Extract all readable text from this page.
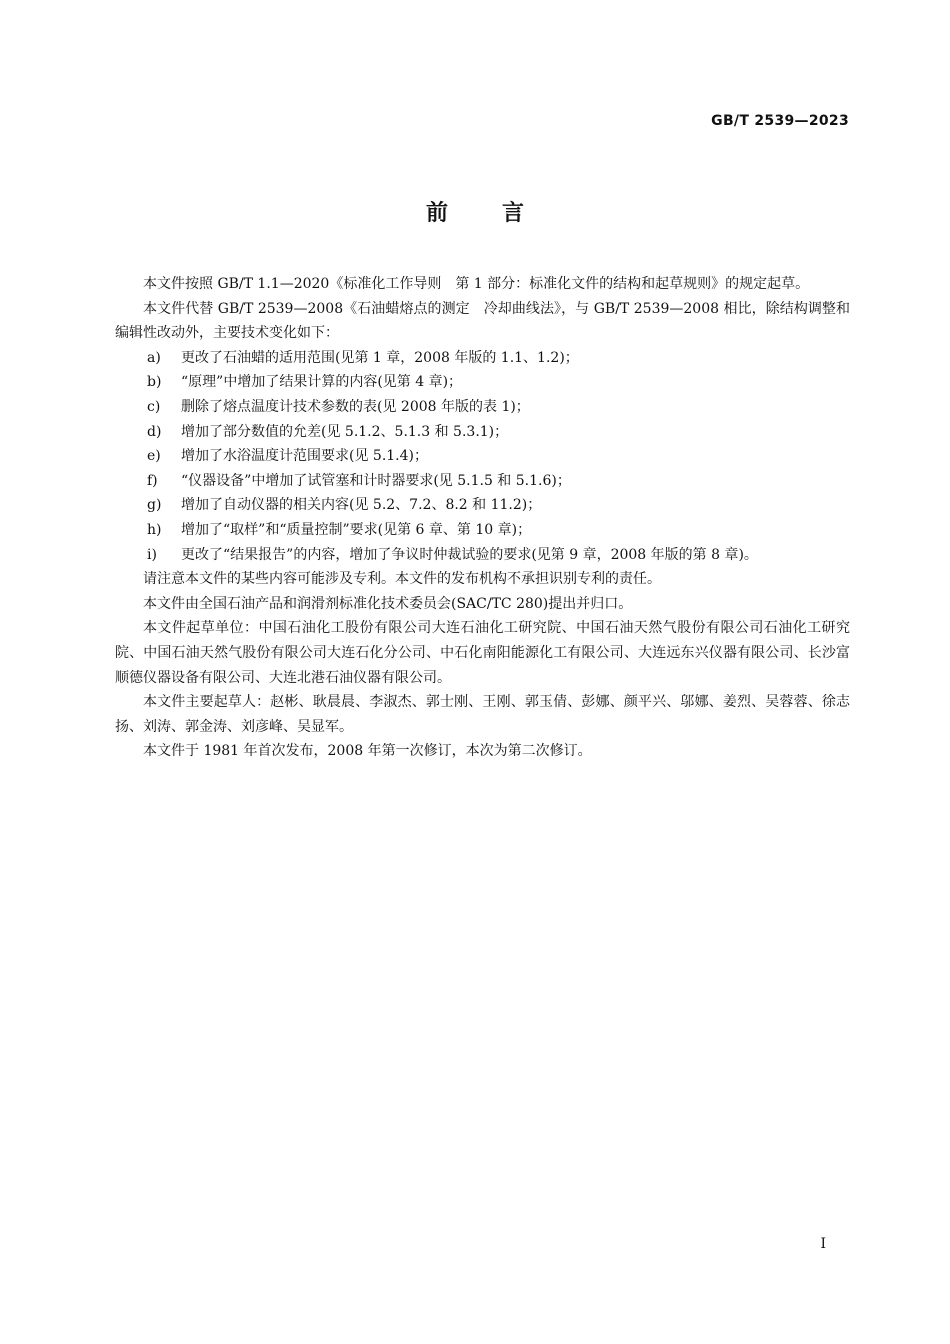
GB/T 2539—2023
前言

本文件按照 GB/T 1.1—2020《标准化工作导则　第 1 部分：标准化文件的结构和起草规则》的规定起草。

本文件代替 GB/T 2539—2008《石油蜡熔点的测定　冷却曲线法》，与 GB/T 2539—2008 相比，除结构调整和编辑性改动外，主要技术变化如下：

a) 更改了石油蜡的适用范围(见第 1 章，2008 年版的 1.1、1.2)；

b) “原理”中增加了结果计算的内容(见第 4 章)；

c) 删除了熔点温度计技术参数的表(见 2008 年版的表 1)；

d) 增加了部分数值的允差(见 5.1.2、5.1.3 和 5.3.1)；

e) 增加了水浴温度计范围要求(见 5.1.4)；

f) “仪器设备”中增加了试管塞和计时器要求(见 5.1.5 和 5.1.6)；

g) 增加了自动仪器的相关内容(见 5.2、7.2、8.2 和 11.2)；

h) 增加了“取样”和“质量控制”要求(见第 6 章、第 10 章)；

i) 更改了“结果报告”的内容，增加了争议时仲裁试验的要求(见第 9 章，2008 年版的第 8 章)。

请注意本文件的某些内容可能涉及专利。本文件的发布机构不承担识别专利的责任。

本文件由全国石油产品和润滑剂标准化技术委员会(SAC/TC 280)提出并归口。

本文件起草单位：中国石油化工股份有限公司大连石油化工研究院、中国石油天然气股份有限公司石油化工研究院、中国石油天然气股份有限公司大连石化分公司、中石化南阳能源化工有限公司、大连远东兴仪器有限公司、长沙富顺德仪器设备有限公司、大连北港石油仪器有限公司。

本文件主要起草人：赵彬、耿晨晨、李淑杰、郭士刚、王刚、郭玉倩、彭娜、颜平兴、邬娜、姜烈、吴蓉蓉、徐志扬、刘涛、郭金涛、刘彦峰、吴显军。

本文件于 1981 年首次发布，2008 年第一次修订，本次为第二次修订。

I
